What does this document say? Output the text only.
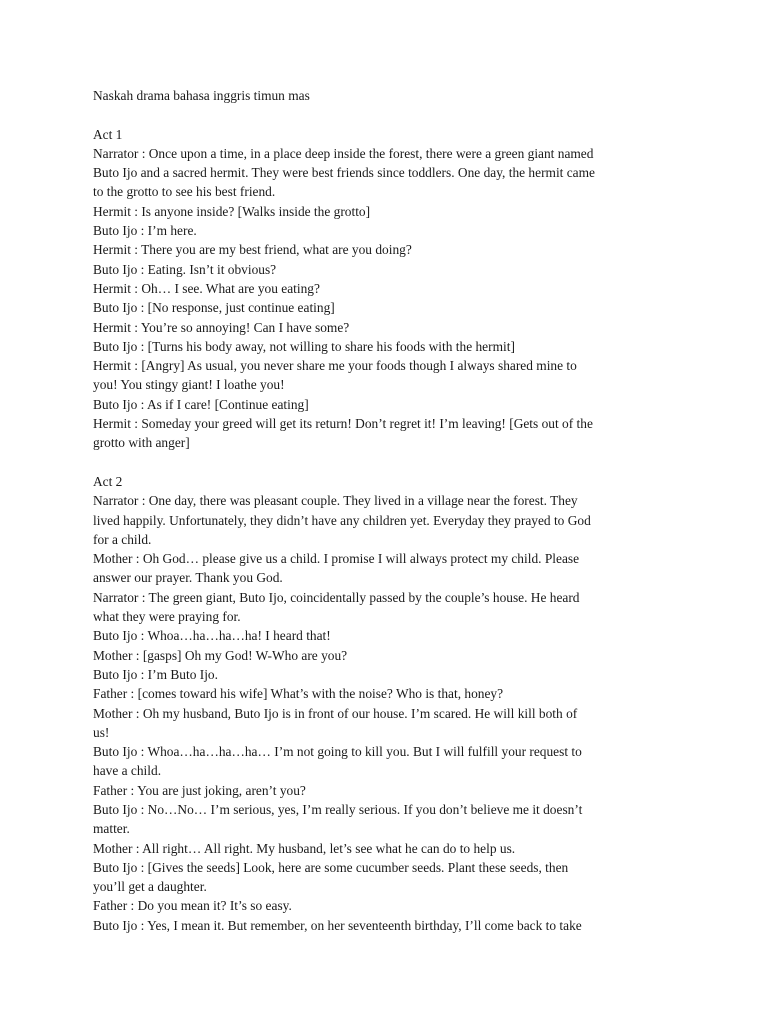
Naskah drama bahasa inggris timun mas
Act 1
Narrator : Once upon a time, in a place deep inside the forest, there were a green giant named
Buto Ijo and a sacred hermit. They were best friends since toddlers. One day, the hermit came
to the grotto to see his best friend.
Hermit : Is anyone inside? [Walks inside the grotto]
Buto Ijo : I’m here.
Hermit : There you are my best friend, what are you doing?
Buto Ijo : Eating. Isn’t it obvious?
Hermit : Oh… I see. What are you eating?
Buto Ijo : [No response, just continue eating]
Hermit : You’re so annoying! Can I have some?
Buto Ijo : [Turns his body away, not willing to share his foods with the hermit]
Hermit : [Angry] As usual, you never share me your foods though I always shared mine to
you! You stingy giant! I loathe you!
Buto Ijo : As if I care! [Continue eating]
Hermit : Someday your greed will get its return! Don’t regret it! I’m leaving! [Gets out of the
grotto with anger]
Act 2
Narrator : One day, there was pleasant couple. They lived in a village near the forest. They
lived happily. Unfortunately, they didn’t have any children yet. Everyday they prayed to God
for a child.
Mother : Oh God… please give us a child. I promise I will always protect my child. Please
answer our prayer. Thank you God.
Narrator : The green giant, Buto Ijo, coincidentally passed by the couple’s house. He heard
what they were praying for.
Buto Ijo : Whoa…ha…ha…ha! I heard that!
Mother : [gasps] Oh my God! W-Who are you?
Buto Ijo : I’m Buto Ijo.
Father : [comes toward his wife] What’s with the noise? Who is that, honey?
Mother : Oh my husband, Buto Ijo is in front of our house. I’m scared. He will kill both of
us!
Buto Ijo : Whoa…ha…ha…ha… I’m not going to kill you. But I will fulfill your request to
have a child.
Father : You are just joking, aren’t you?
Buto Ijo : No…No… I’m serious, yes, I’m really serious. If you don’t believe me it doesn’t
matter.
Mother : All right… All right. My husband, let’s see what he can do to help us.
Buto Ijo : [Gives the seeds] Look, here are some cucumber seeds. Plant these seeds, then
you’ll get a daughter.
Father : Do you mean it? It’s so easy.
Buto Ijo : Yes, I mean it. But remember, on her seventeenth birthday, I’ll come back to take
